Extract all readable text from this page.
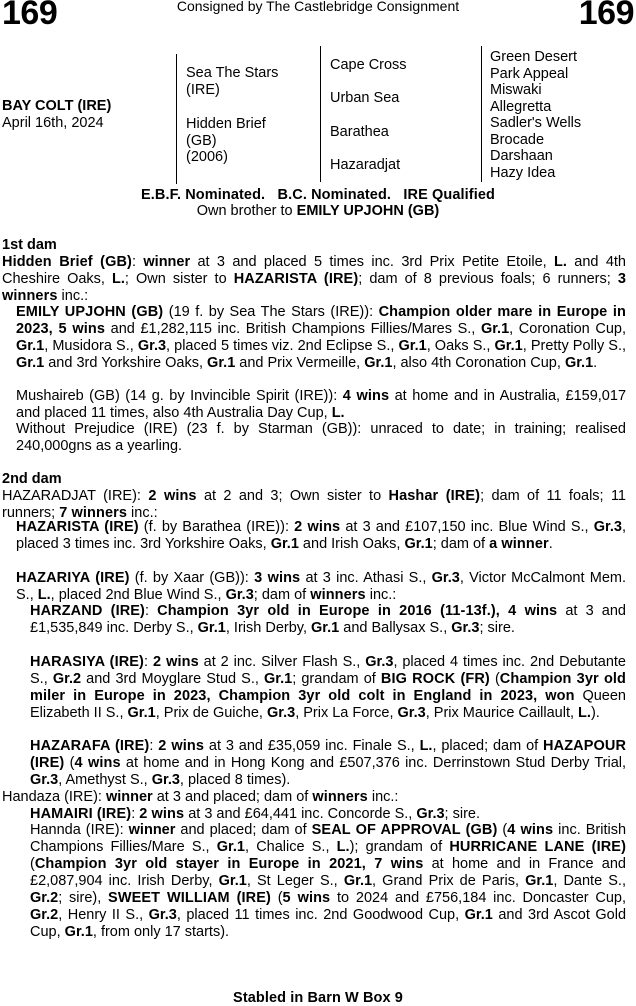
169	Consigned by The Castlebridge Consignment	169
BAY COLT (IRE)
April 16th, 2024
Sea The Stars
(IRE)
Hidden Brief
(GB)
(2006)
Cape Cross
Urban Sea
Barathea
Hazaradjat
Green Desert
Park Appeal
Miswaki
Allegretta
Sadler's Wells
Brocade
Darshaan
Hazy Idea
E.B.F. Nominated.   B.C. Nominated.   IRE Qualified
Own brother to EMILY UPJOHN (GB)
1st dam
Hidden Brief (GB): winner at 3 and placed 5 times inc. 3rd Prix Petite Etoile, L. and 4th Cheshire Oaks, L.; Own sister to HAZARISTA (IRE); dam of 8 previous foals; 6 runners; 3 winners inc.:
EMILY UPJOHN (GB) (19 f. by Sea The Stars (IRE)): Champion older mare in Europe in 2023, 5 wins and £1,282,115 inc. British Champions Fillies/Mares S., Gr.1, Coronation Cup, Gr.1, Musidora S., Gr.3, placed 5 times viz. 2nd Eclipse S., Gr.1, Oaks S., Gr.1, Pretty Polly S., Gr.1 and 3rd Yorkshire Oaks, Gr.1 and Prix Vermeille, Gr.1, also 4th Coronation Cup, Gr.1.
Mushaireb (GB) (14 g. by Invincible Spirit (IRE)): 4 wins at home and in Australia, £159,017 and placed 11 times, also 4th Australia Day Cup, L.
Without Prejudice (IRE) (23 f. by Starman (GB)): unraced to date; in training; realised 240,000gns as a yearling.
2nd dam
HAZARADJAT (IRE): 2 wins at 2 and 3; Own sister to Hashar (IRE); dam of 11 foals; 11 runners; 7 winners inc.:
HAZARISTA (IRE) (f. by Barathea (IRE)): 2 wins at 3 and £107,150 inc. Blue Wind S., Gr.3, placed 3 times inc. 3rd Yorkshire Oaks, Gr.1 and Irish Oaks, Gr.1; dam of a winner.
HAZARIYA (IRE) (f. by Xaar (GB)): 3 wins at 3 inc. Athasi S., Gr.3, Victor McCalmont Mem. S., L., placed 2nd Blue Wind S., Gr.3; dam of winners inc.:
HARZAND (IRE): Champion 3yr old in Europe in 2016 (11-13f.), 4 wins at 3 and £1,535,849 inc. Derby S., Gr.1, Irish Derby, Gr.1 and Ballysax S., Gr.3; sire.
HARASIYA (IRE): 2 wins at 2 inc. Silver Flash S., Gr.3, placed 4 times inc. 2nd Debutante S., Gr.2 and 3rd Moyglare Stud S., Gr.1; grandam of BIG ROCK (FR) (Champion 3yr old miler in Europe in 2023, Champion 3yr old colt in England in 2023, won Queen Elizabeth II S., Gr.1, Prix de Guiche, Gr.3, Prix La Force, Gr.3, Prix Maurice Caillault, L.).
HAZARAFA (IRE): 2 wins at 3 and £35,059 inc. Finale S., L., placed; dam of HAZAPOUR (IRE) (4 wins at home and in Hong Kong and £507,376 inc. Derrinstown Stud Derby Trial, Gr.3, Amethyst S., Gr.3, placed 8 times).
Handaza (IRE): winner at 3 and placed; dam of winners inc.:
HAMAIRI (IRE): 2 wins at 3 and £64,441 inc. Concorde S., Gr.3; sire.
Hannda (IRE): winner and placed; dam of SEAL OF APPROVAL (GB) (4 wins inc. British Champions Fillies/Mare S., Gr.1, Chalice S., L.); grandam of HURRICANE LANE (IRE) (Champion 3yr old stayer in Europe in 2021, 7 wins at home and in France and £2,087,904 inc. Irish Derby, Gr.1, St Leger S., Gr.1, Grand Prix de Paris, Gr.1, Dante S., Gr.2; sire), SWEET WILLIAM (IRE) (5 wins to 2024 and £756,184 inc. Doncaster Cup, Gr.2, Henry II S., Gr.3, placed 11 times inc. 2nd Goodwood Cup, Gr.1 and 3rd Ascot Gold Cup, Gr.1, from only 17 starts).
Stabled in Barn W Box 9
